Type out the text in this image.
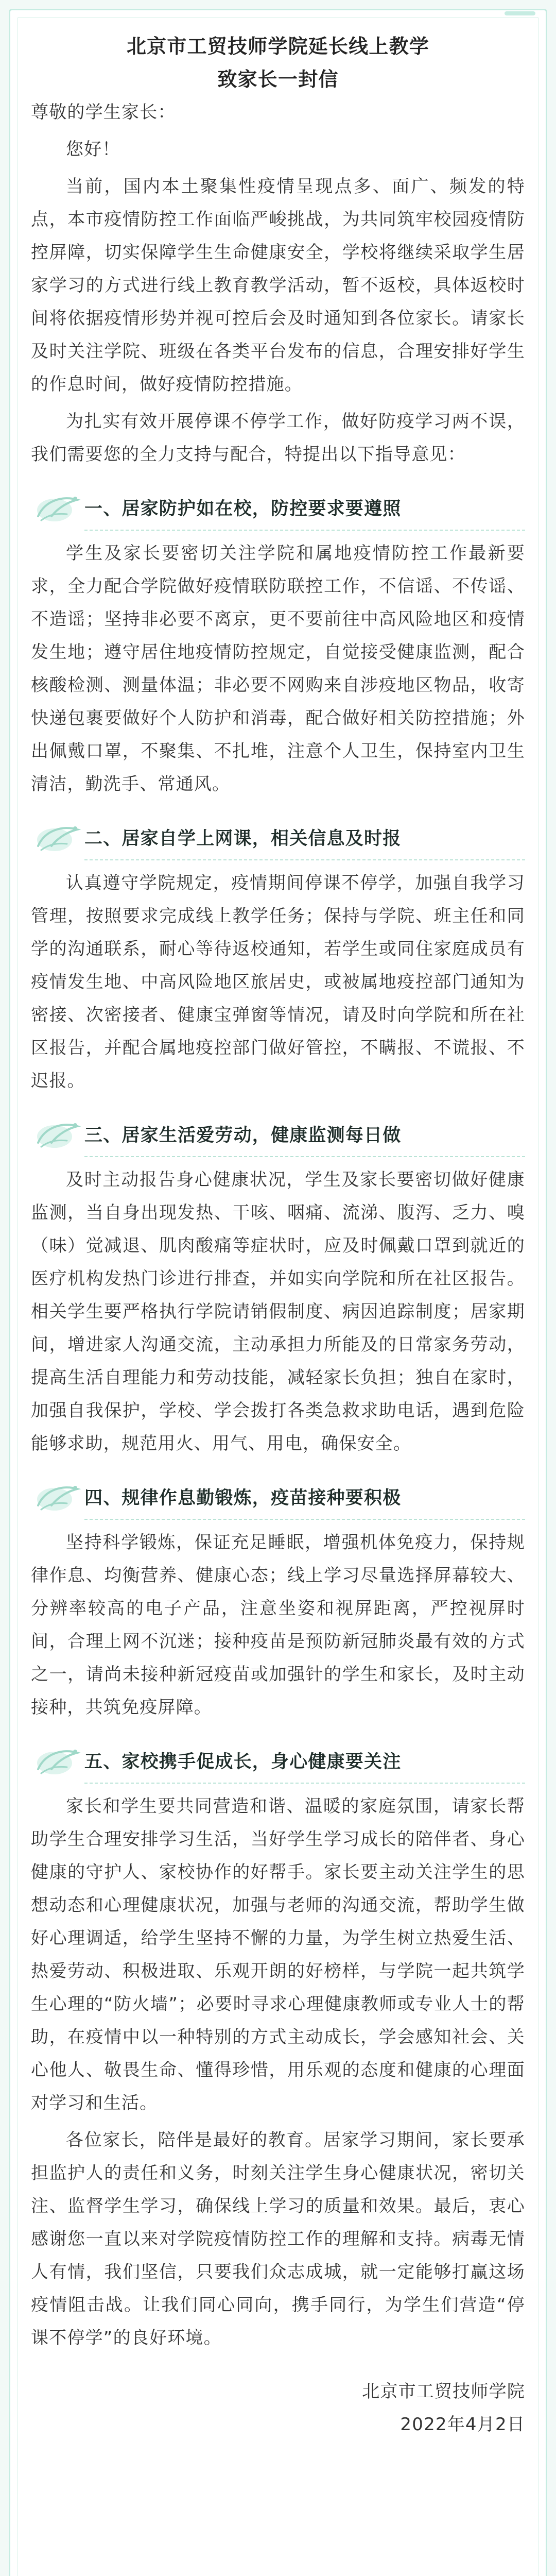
北京市工贸技师学院延长线上教学
致家长一封信

尊敬的学生家长：

您好！

当前，国内本土聚集性疫情呈现点多、面广、频发的特点，本市疫情防控工作面临严峻挑战，为共同筑牢校园疫情防控屏障，切实保障学生生命健康安全，学校将继续采取学生居家学习的方式进行线上教育教学活动，暂不返校，具体返校时间将依据疫情形势并视可控后会及时通知到各位家长。请家长及时关注学院、班级在各类平台发布的信息，合理安排好学生的作息时间，做好疫情防控措施。

为扎实有效开展停课不停学工作，做好防疫学习两不误，我们需要您的全力支持与配合，特提出以下指导意见：

一、居家防护如在校，防控要求要遵照

学生及家长要密切关注学院和属地疫情防控工作最新要求，全力配合学院做好疫情联防联控工作，不信谣、不传谣、不造谣；坚持非必要不离京，更不要前往中高风险地区和疫情发生地；遵守居住地疫情防控规定，自觉接受健康监测，配合核酸检测、测量体温；非必要不网购来自涉疫地区物品，收寄快递包裹要做好个人防护和消毒，配合做好相关防控措施；外出佩戴口罩，不聚集、不扎堆，注意个人卫生，保持室内卫生清洁，勤洗手、常通风。

二、居家自学上网课，相关信息及时报

认真遵守学院规定，疫情期间停课不停学，加强自我学习管理，按照要求完成线上教学任务；保持与学院、班主任和同学的沟通联系，耐心等待返校通知，若学生或同住家庭成员有疫情发生地、中高风险地区旅居史，或被属地疫控部门通知为密接、次密接者、健康宝弹窗等情况，请及时向学院和所在社区报告，并配合属地疫控部门做好管控，不瞒报、不谎报、不迟报。

三、居家生活爱劳动，健康监测每日做

及时主动报告身心健康状况，学生及家长要密切做好健康监测，当自身出现发热、干咳、咽痛、流涕、腹泻、乏力、嗅（味）觉减退、肌肉酸痛等症状时，应及时佩戴口罩到就近的医疗机构发热门诊进行排查，并如实向学院和所在社区报告。相关学生要严格执行学院请销假制度、病因追踪制度；居家期间，增进家人沟通交流，主动承担力所能及的日常家务劳动，提高生活自理能力和劳动技能，减轻家长负担；独自在家时，加强自我保护，学校、学会拨打各类急救求助电话，遇到危险能够求助，规范用火、用气、用电，确保安全。

四、规律作息勤锻炼，疫苗接种要积极

坚持科学锻炼，保证充足睡眠，增强机体免疫力，保持规律作息、均衡营养、健康心态；线上学习尽量选择屏幕较大、分辨率较高的电子产品，注意坐姿和视屏距离，严控视屏时间，合理上网不沉迷；接种疫苗是预防新冠肺炎最有效的方式之一，请尚未接种新冠疫苗或加强针的学生和家长，及时主动接种，共筑免疫屏障。

五、家校携手促成长，身心健康要关注

家长和学生要共同营造和谐、温暖的家庭氛围，请家长帮助学生合理安排学习生活，当好学生学习成长的陪伴者、身心健康的守护人、家校协作的好帮手。家长要主动关注学生的思想动态和心理健康状况，加强与老师的沟通交流，帮助学生做好心理调适，给学生坚持不懈的力量，为学生树立热爱生活、热爱劳动、积极进取、乐观开朗的好榜样，与学院一起共筑学生心理的“防火墙”；必要时寻求心理健康教师或专业人士的帮助，在疫情中以一种特别的方式主动成长，学会感知社会、关心他人、敬畏生命、懂得珍惜，用乐观的态度和健康的心理面对学习和生活。

各位家长，陪伴是最好的教育。居家学习期间，家长要承担监护人的责任和义务，时刻关注学生身心健康状况，密切关注、监督学生学习，确保线上学习的质量和效果。最后，衷心感谢您一直以来对学院疫情防控工作的理解和支持。病毒无情人有情，我们坚信，只要我们众志成城，就一定能够打赢这场疫情阻击战。让我们同心同向，携手同行，为学生们营造“停课不停学”的良好环境。

北京市工贸技师学院
2022年4月2日
